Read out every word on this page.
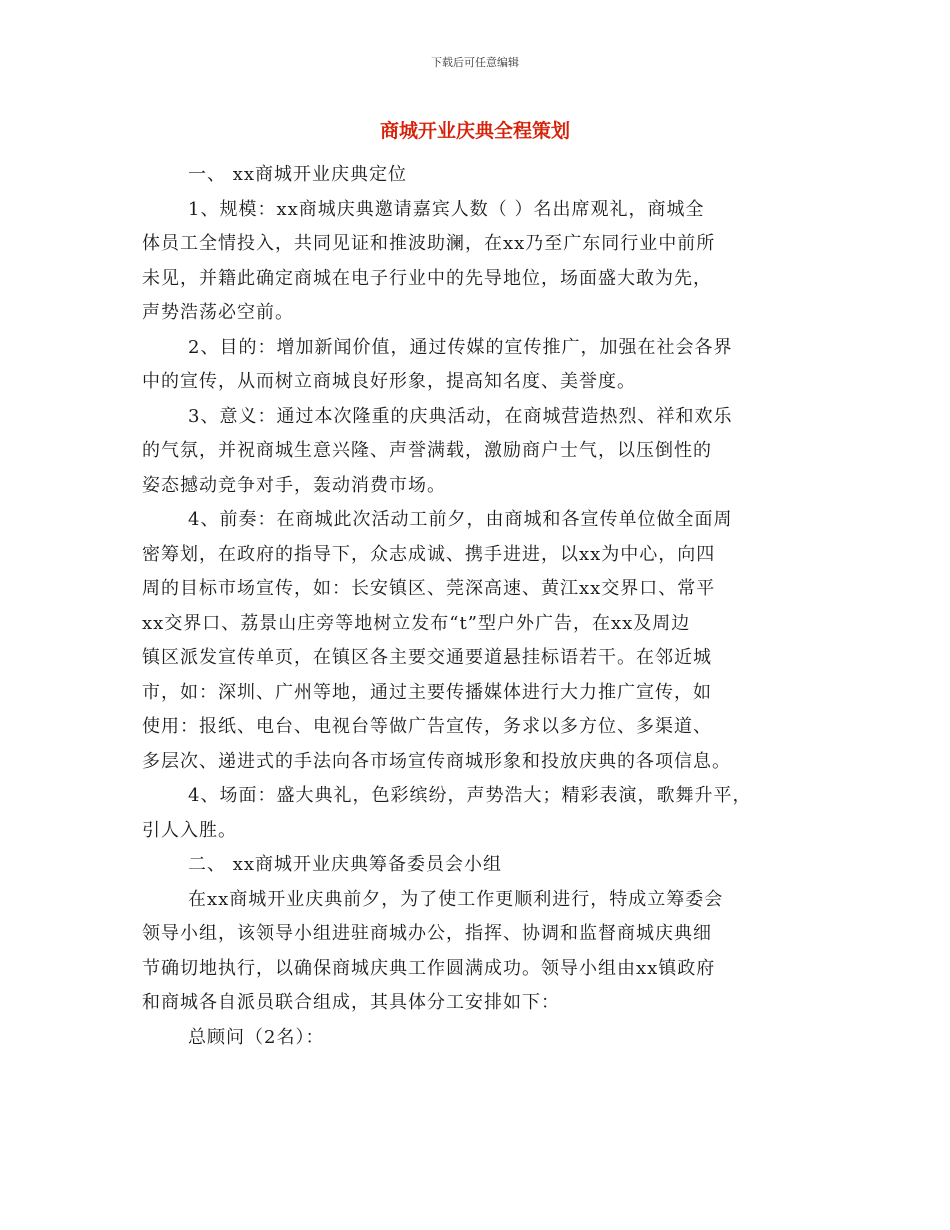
下载后可任意编辑
商城开业庆典全程策划
一、 xx商城开业庆典定位
1、规模：xx商城庆典邀请嘉宾人数（ ）名出席观礼，商城全
体员工全情投入，共同见证和推波助澜，在xx乃至广东同行业中前所
未见，并籍此确定商城在电子行业中的先导地位，场面盛大敢为先，
声势浩荡必空前。
2、目的：增加新闻价值，通过传媒的宣传推广，加强在社会各界
中的宣传，从而树立商城良好形象，提高知名度、美誉度。
3、意义：通过本次隆重的庆典活动，在商城营造热烈、祥和欢乐
的气氛，并祝商城生意兴隆、声誉满载，激励商户士气，以压倒性的
姿态撼动竞争对手，轰动消费市场。
4、前奏：在商城此次活动工前夕，由商城和各宣传单位做全面周
密筹划，在政府的指导下，众志成诚、携手进进，以xx为中心，向四
周的目标市场宣传，如：长安镇区、莞深高速、黄江xx交界口、常平
xx交界口、荔景山庄旁等地树立发布“t”型户外广告，在xx及周边
镇区派发宣传单页，在镇区各主要交通要道悬挂标语若干。在邻近城
市，如：深圳、广州等地，通过主要传播媒体进行大力推广宣传，如
使用：报纸、电台、电视台等做广告宣传，务求以多方位、多渠道、
多层次、递进式的手法向各市场宣传商城形象和投放庆典的各项信息。
4、场面：盛大典礼，色彩缤纷，声势浩大；精彩表演，歌舞升平，
引人入胜。
二、 xx商城开业庆典筹备委员会小组
在xx商城开业庆典前夕，为了使工作更顺利进行，特成立筹委会
领导小组，该领导小组进驻商城办公，指挥、协调和监督商城庆典细
节确切地执行，以确保商城庆典工作圆满成功。领导小组由xx镇政府
和商城各自派员联合组成，其具体分工安排如下：
总顾问（2名）：
